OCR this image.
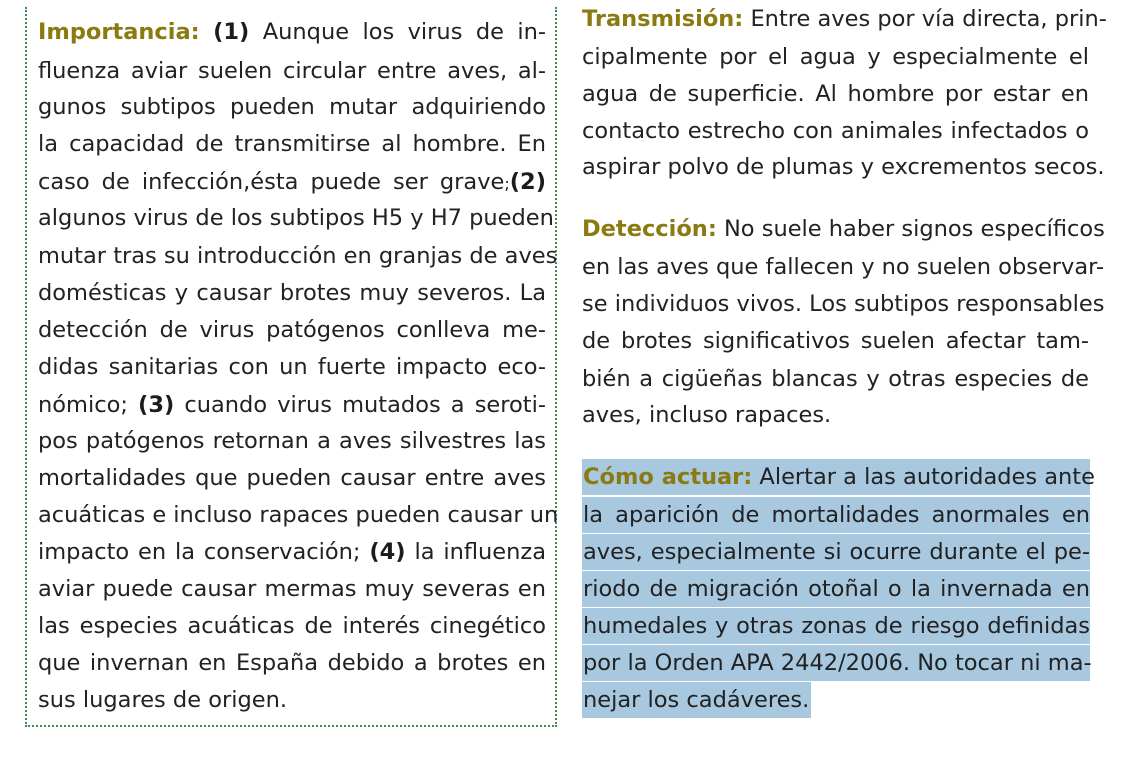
Importancia: (1) Aunque los virus de in-
fluenza aviar suelen circular entre aves, al-
gunos subtipos pueden mutar adquiriendo
la capacidad de transmitirse al hombre. En
caso de infección,ésta puede ser grave;(2)
algunos virus de los subtipos H5 y H7 pueden
mutar tras su introducción en granjas de aves
domésticas y causar brotes muy severos. La
detección de virus patógenos conlleva me-
didas sanitarias con un fuerte impacto eco-
nómico; (3) cuando virus mutados a seroti-
pos patógenos retornan a aves silvestres las
mortalidades que pueden causar entre aves
acuáticas e incluso rapaces pueden causar un
impacto en la conservación; (4) la influenza
aviar puede causar mermas muy severas en
las especies acuáticas de interés cinegético
que invernan en España debido a brotes en
sus lugares de origen.
Transmisión: Entre aves por vía directa, prin-
cipalmente por el agua y especialmente el
agua de superficie. Al hombre por estar en
contacto estrecho con animales infectados o
aspirar polvo de plumas y excrementos secos.
Detección: No suele haber signos específicos
en las aves que fallecen y no suelen observar-
se individuos vivos. Los subtipos responsables
de brotes significativos suelen afectar tam-
bién a cigüeñas blancas y otras especies de
aves, incluso rapaces.
Cómo actuar: Alertar a las autoridades ante
la aparición de mortalidades anormales en
aves, especialmente si ocurre durante el pe-
riodo de migración otoñal o la invernada en
humedales y otras zonas de riesgo definidas
por la Orden APA 2442/2006. No tocar ni ma-
nejar los cadáveres.
